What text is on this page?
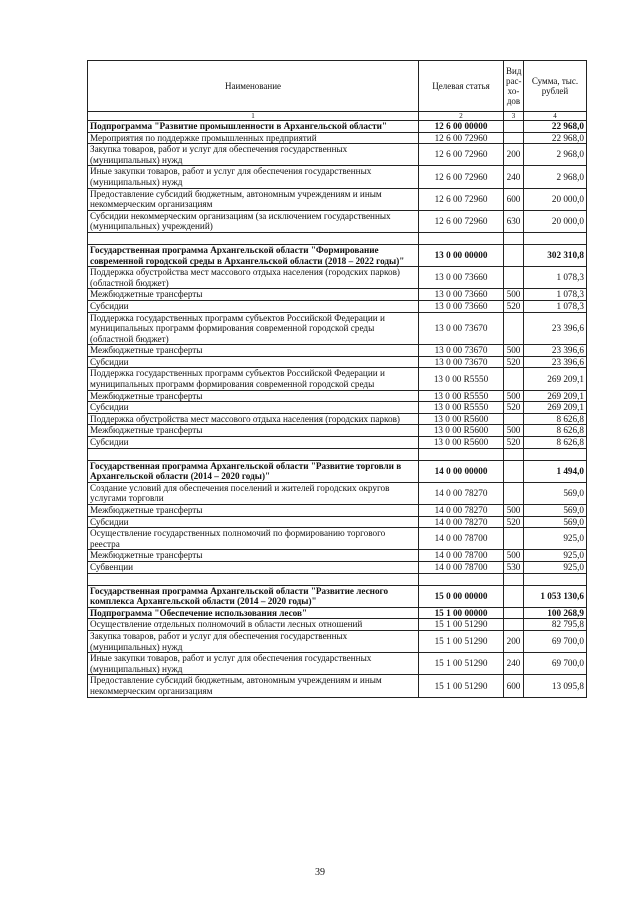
Наименование	Целевая статья	Вид рас-хо-дов	Сумма, тыс. рублей
1	2	3	4
Подпрограмма "Развитие промышленности в Архангельской области"	12 6 00 00000		22 968,0
Мероприятия по поддержке промышленных предприятий	12 6 00 72960		22 968,0
Закупка товаров, работ и услуг для обеспечения государственных (муниципальных) нужд	12 6 00 72960	200	2 968,0
Иные закупки товаров, работ и услуг для обеспечения государственных (муниципальных) нужд	12 6 00 72960	240	2 968,0
Предоставление субсидий бюджетным, автономным учреждениям и иным некоммерческим организациям	12 6 00 72960	600	20 000,0
Субсидии некоммерческим организациям (за исключением государственных (муниципальных) учреждений)	12 6 00 72960	630	20 000,0

Государственная программа Архангельской области "Формирование современной городской среды в Архангельской области (2018 – 2022 годы)"	13 0 00 00000		302 310,8
Поддержка обустройства мест массового отдыха населения (городских парков) (областной бюджет)	13 0 00 73660		1 078,3
Межбюджетные трансферты	13 0 00 73660	500	1 078,3
Субсидии	13 0 00 73660	520	1 078,3
Поддержка государственных программ субъектов Российской Федерации и муниципальных программ формирования современной городской среды (областной бюджет)	13 0 00 73670		23 396,6
Межбюджетные трансферты	13 0 00 73670	500	23 396,6
Субсидии	13 0 00 73670	520	23 396,6
Поддержка государственных программ субъектов Российской Федерации и муниципальных программ формирования современной городской среды	13 0 00 R5550		269 209,1
Межбюджетные трансферты	13 0 00 R5550	500	269 209,1
Субсидии	13 0 00 R5550	520	269 209,1
Поддержка обустройства мест массового отдыха населения (городских парков)	13 0 00 R5600		8 626,8
Межбюджетные трансферты	13 0 00 R5600	500	8 626,8
Субсидии	13 0 00 R5600	520	8 626,8

Государственная программа Архангельской области "Развитие торговли в Архангельской области (2014 – 2020 годы)"	14 0 00 00000		1 494,0
Создание условий для обеспечения поселений и жителей городских округов услугами торговли	14 0 00 78270		569,0
Межбюджетные трансферты	14 0 00 78270	500	569,0
Субсидии	14 0 00 78270	520	569,0
Осуществление государственных полномочий по формированию торгового реестра	14 0 00 78700		925,0
Межбюджетные трансферты	14 0 00 78700	500	925,0
Субвенции	14 0 00 78700	530	925,0

Государственная программа Архангельской области "Развитие лесного комплекса Архангельской области (2014 – 2020 годы)"	15 0 00 00000		1 053 130,6
Подпрограмма "Обеспечение использования лесов"	15 1 00 00000		100 268,9
Осуществление отдельных полномочий в области лесных отношений	15 1 00 51290		82 795,8
Закупка товаров, работ и услуг для обеспечения государственных (муниципальных) нужд	15 1 00 51290	200	69 700,0
Иные закупки товаров, работ и услуг для обеспечения государственных (муниципальных) нужд	15 1 00 51290	240	69 700,0
Предоставление субсидий бюджетным, автономным учреждениям и иным некоммерческим организациям	15 1 00 51290	600	13 095,8
39
